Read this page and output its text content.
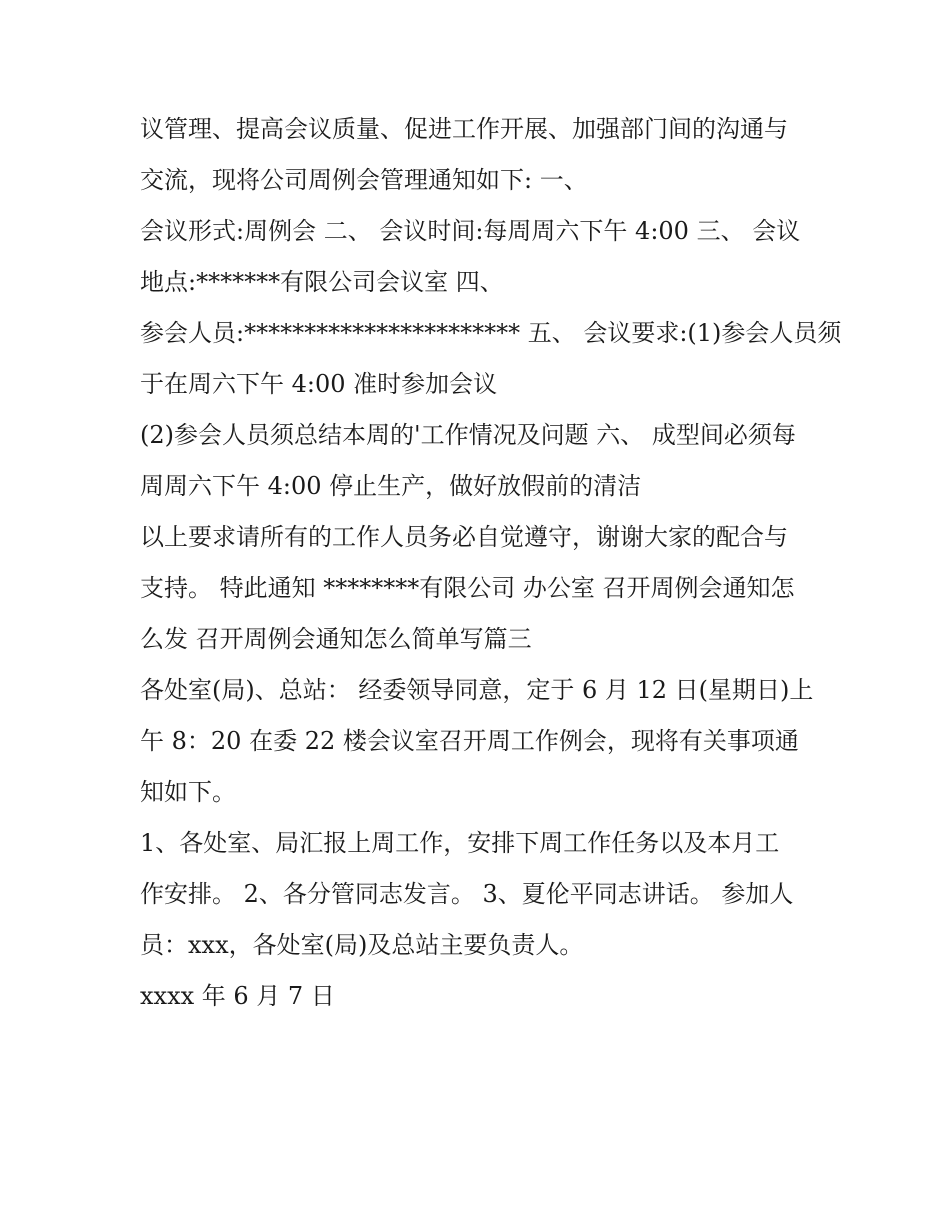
议管理、提高会议质量、促进工作开展、加强部门间的沟通与
交流，现将公司周例会管理通知如下: 一、
会议形式:周例会 二、 会议时间:每周周六下午 4:00 三、 会议
地点:*******有限公司会议室 四、
参会人员:*********************** 五、 会议要求:(1)参会人员须
于在周六下午 4:00 准时参加会议
(2)参会人员须总结本周的'工作情况及问题 六、 成型间必须每
周周六下午 4:00 停止生产，做好放假前的清洁
以上要求请所有的工作人员务必自觉遵守，谢谢大家的配合与
支持。 特此通知 ********有限公司 办公室 召开周例会通知怎
么发 召开周例会通知怎么简单写篇三
各处室(局)、总站： 经委领导同意，定于 6 月 12 日(星期日)上
午 8：20 在委 22 楼会议室召开周工作例会，现将有关事项通
知如下。
1、各处室、局汇报上周工作，安排下周工作任务以及本月工
作安排。 2、各分管同志发言。 3、夏伦平同志讲话。 参加人
员：xxx，各处室(局)及总站主要负责人。
xxxx 年 6 月 7 日
